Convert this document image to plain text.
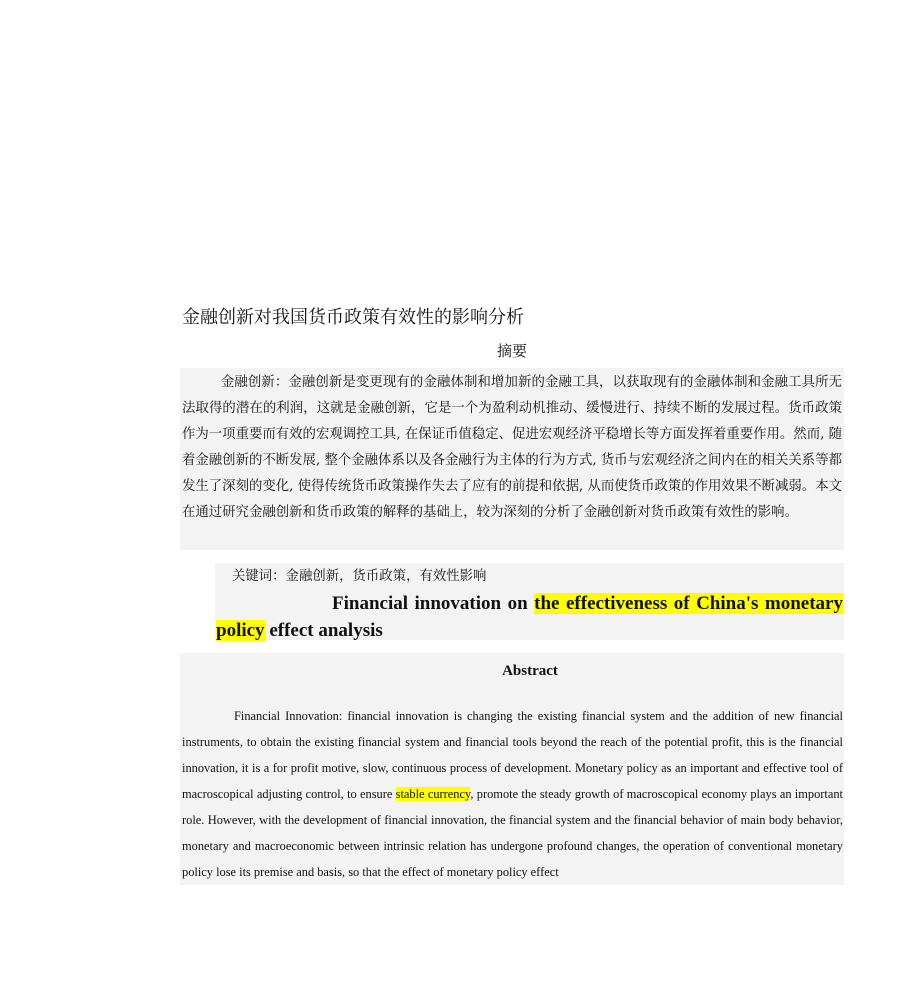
金融创新对我国货币政策有效性的影响分析
摘要
金融创新：金融创新是变更现有的金融体制和增加新的金融工具，以获取现有的金融体制和金融工具所无法取得的潜在的利润，这就是金融创新，它是一个为盈利动机推动、缓慢进行、持续不断的发展过程。货币政策作为一项重要而有效的宏观调控工具, 在保证币值稳定、促进宏观经济平稳增长等方面发挥着重要作用。然而, 随着金融创新的不断发展, 整个金融体系以及各金融行为主体的行为方式, 货币与宏观经济之间内在的相关关系等都发生了深刻的变化, 使得传统货币政策操作失去了应有的前提和依据, 从而使货币政策的作用效果不断减弱。本文在通过研究金融创新和货币政策的解释的基础上，较为深刻的分析了金融创新对货币政策有效性的影响。
关键词：金融创新，货币政策，有效性影响
Financial innovation on the effectiveness of China's monetary policy effect analysis
Abstract
Financial Innovation: financial innovation is changing the existing financial system and the addition of new financial instruments, to obtain the existing financial system and financial tools beyond the reach of the potential profit, this is the financial innovation, it is a for profit motive, slow, continuous process of development. Monetary policy as an important and effective tool of macroscopical adjusting control, to ensure stable currency, promote the steady growth of macroscopical economy plays an important role. However, with the development of financial innovation, the financial system and the financial behavior of main body behavior, monetary and macroeconomic between intrinsic relation has undergone profound changes, the operation of conventional monetary policy lose its premise and basis, so that the effect of monetary policy effect
